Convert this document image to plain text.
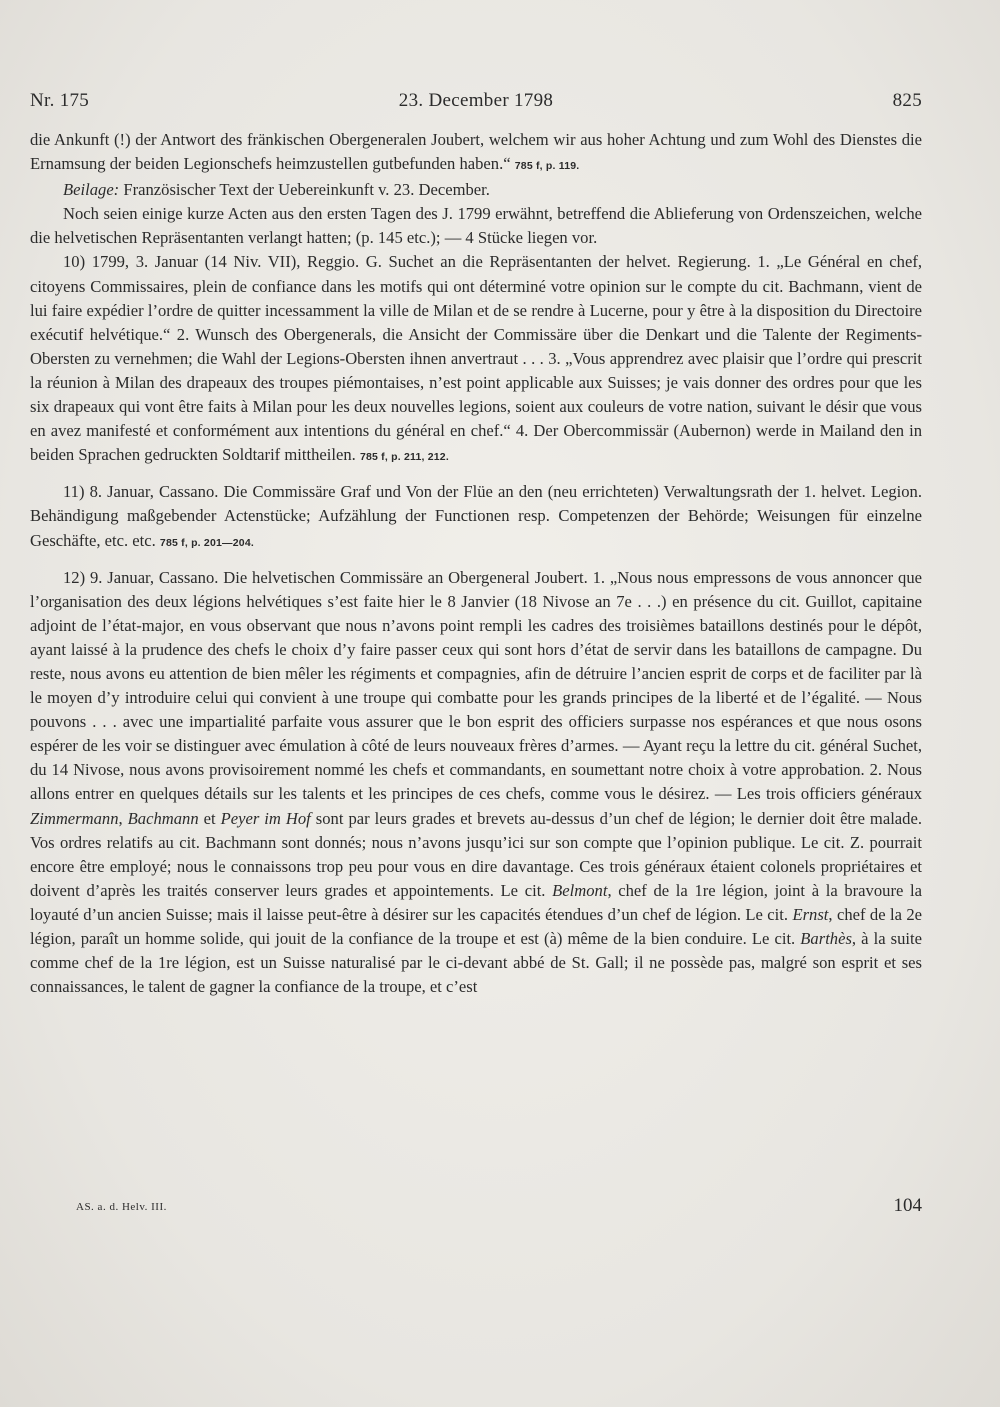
Nr. 175	23. December 1798	825

die Ankunft (!) der Antwort des fränkischen Obergeneralen Joubert, welchem wir aus hoher Achtung und zum Wohl des Dienstes die Ernamsung der beiden Legionschefs heimzustellen gutbefunden haben.“ 785 f, p. 119.

Beilage: Französischer Text der Uebereinkunft v. 23. December.

Noch seien einige kurze Acten aus den ersten Tagen des J. 1799 erwähnt, betreffend die Ablieferung von Ordenszeichen, welche die helvetischen Repräsentanten verlangt hatten; (p. 145 etc.); — 4 Stücke liegen vor.

10) 1799, 3. Januar (14 Niv. VII), Reggio. G. Suchet an die Repräsentanten der helvet. Regierung. 1. „Le Général en chef, citoyens Commissaires, plein de confiance dans les motifs qui ont déterminé votre opinion sur le compte du cit. Bachmann, vient de lui faire expédier l’ordre de quitter incessamment la ville de Milan et de se rendre à Lucerne, pour y être à la disposition du Directoire exécutif helvétique.“ 2. Wunsch des Obergenerals, die Ansicht der Commissäre über die Denkart und die Talente der Regiments-Obersten zu vernehmen; die Wahl der Legions-Obersten ihnen anvertraut . . . 3. „Vous apprendrez avec plaisir que l’ordre qui prescrit la réunion à Milan des drapeaux des troupes piémontaises, n’est point applicable aux Suisses; je vais donner des ordres pour que les six drapeaux qui vont être faits à Milan pour les deux nouvelles legions, soient aux couleurs de votre nation, suivant le désir que vous en avez manifesté et conformément aux intentions du général en chef.“ 4. Der Obercommissär (Aubernon) werde in Mailand den in beiden Sprachen gedruckten Soldtarif mittheilen. 785 f, p. 211, 212.

11) 8. Januar, Cassano. Die Commissäre Graf und Von der Flüe an den (neu errichteten) Verwaltungsrath der 1. helvet. Legion. Behändigung maßgebender Actenstücke; Aufzählung der Functionen resp. Competenzen der Behörde; Weisungen für einzelne Geschäfte, etc. etc. 785 f, p. 201—204.

12) 9. Januar, Cassano. Die helvetischen Commissäre an Obergeneral Joubert. 1. „Nous nous empressons de vous annoncer que l’organisation des deux légions helvétiques s’est faite hier le 8 Janvier (18 Nivose an 7e . . .) en présence du cit. Guillot, capitaine adjoint de l’état-major, en vous observant que nous n’avons point rempli les cadres des troisièmes bataillons destinés pour le dépôt, ayant laissé à la prudence des chefs le choix d’y faire passer ceux qui sont hors d’état de servir dans les bataillons de campagne. Du reste, nous avons eu attention de bien mêler les régiments et compagnies, afin de détruire l’ancien esprit de corps et de faciliter par là le moyen d’y introduire celui qui convient à une troupe qui combatte pour les grands principes de la liberté et de l’égalité. — Nous pouvons . . . avec une impartialité parfaite vous assurer que le bon esprit des officiers surpasse nos espérances et que nous osons espérer de les voir se distinguer avec émulation à côté de leurs nouveaux frères d’armes. — Ayant reçu la lettre du cit. général Suchet, du 14 Nivose, nous avons provisoirement nommé les chefs et commandants, en soumettant notre choix à votre approbation. 2. Nous allons entrer en quelques détails sur les talents et les principes de ces chefs, comme vous le désirez. — Les trois officiers généraux Zimmermann, Bachmann et Peyer im Hof sont par leurs grades et brevets au-dessus d’un chef de légion; le dernier doit être malade. Vos ordres relatifs au cit. Bachmann sont donnés; nous n’avons jusqu’ici sur son compte que l’opinion publique. Le cit. Z. pourrait encore être employé; nous le connaissons trop peu pour vous en dire davantage. Ces trois généraux étaient colonels propriétaires et doivent d’après les traités conserver leurs grades et appointements. Le cit. Belmont, chef de la 1re légion, joint à la bravoure la loyauté d’un ancien Suisse; mais il laisse peut-être à désirer sur les capacités étendues d’un chef de légion. Le cit. Ernst, chef de la 2e légion, paraît un homme solide, qui jouit de la confiance de la troupe et est (à) même de la bien conduire. Le cit. Barthès, à la suite comme chef de la 1re légion, est un Suisse naturalisé par le ci-devant abbé de St. Gall; il ne possède pas, malgré son esprit et ses connaissances, le talent de gagner la confiance de la troupe, et c’est

AS. a. d. Helv. III.	104
